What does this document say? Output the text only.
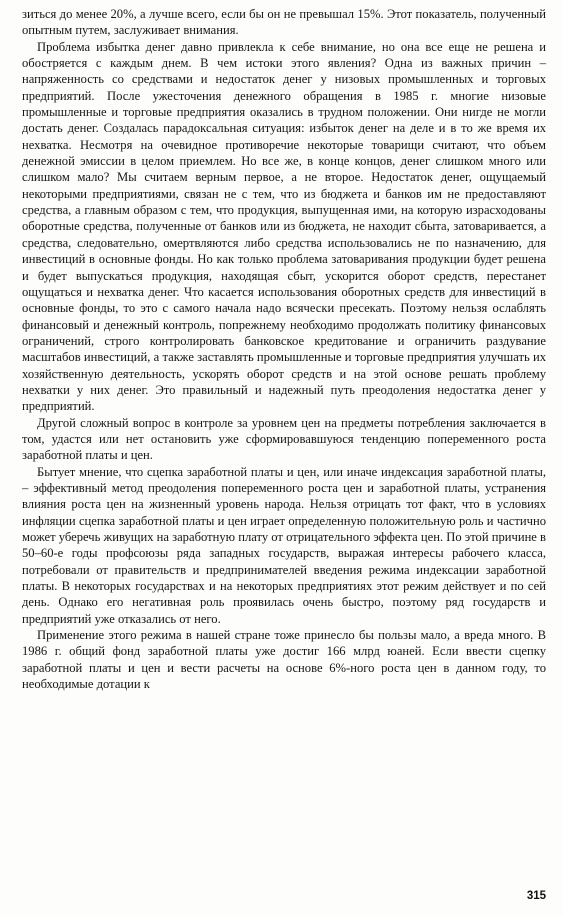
зиться до менее 20%, а лучше всего, если бы он не превышал 15%. Этот показатель, полученный опытным путем, заслуживает внимания.

Проблема избытка денег давно привлекла к себе внимание, но она все еще не решена и обостряется с каждым днем. В чем истоки этого явления? Одна из важных причин – напряженность со средствами и недостаток денег у низовых промышленных и торговых предприятий. После ужесточения денежного обращения в 1985 г. многие низовые промышленные и торговые предприятия оказались в трудном положении. Они нигде не могли достать денег. Создалась парадоксальная ситуация: избыток денег на деле и в то же время их нехватка. Несмотря на очевидное противоречие некоторые товарищи считают, что объем денежной эмиссии в целом приемлем. Но все же, в конце концов, денег слишком много или слишком мало? Мы считаем верным первое, а не второе. Недостаток денег, ощущаемый некоторыми предприятиями, связан не с тем, что из бюджета и банков им не предоставляют средства, а главным образом с тем, что продукция, выпущенная ими, на которую израсходованы оборотные средства, полученные от банков или из бюджета, не находит сбыта, затоваривается, а средства, следовательно, омертвляются либо средства использовались не по назначению, для инвестиций в основные фонды. Но как только проблема затоваривания продукции будет решена и будет выпускаться продукция, находящая сбыт, ускорится оборот средств, перестанет ощущаться и нехватка денег. Что касается использования оборотных средств для инвестиций в основные фонды, то это с самого начала надо всячески пресекать. Поэтому нельзя ослаблять финансовый и денежный контроль, попрежнему необходимо продолжать политику финансовых ограничений, строго контролировать банковское кредитование и ограничить раздувание масштабов инвестиций, а также заставлять промышленные и торговые предприятия улучшать их хозяйственную деятельность, ускорять оборот средств и на этой основе решать проблему нехватки у них денег. Это правильный и надежный путь преодоления недостатка денег у предприятий.

Другой сложный вопрос в контроле за уровнем цен на предметы потребления заключается в том, удастся или нет остановить уже сформировавшуюся тенденцию попеременного роста заработной платы и цен.

Бытует мнение, что сцепка заработной платы и цен, или иначе индексация заработной платы, – эффективный метод преодоления попеременного роста цен и заработной платы, устранения влияния роста цен на жизненный уровень народа. Нельзя отрицать тот факт, что в условиях инфляции сцепка заработной платы и цен играет определенную положительную роль и частично может уберечь живущих на заработную плату от отрицательного эффекта цен. По этой причине в 50–60-е годы профсоюзы ряда западных государств, выражая интересы рабочего класса, потребовали от правительств и предпринимателей введения режима индексации заработной платы. В некоторых государствах и на некоторых предприятиях этот режим действует и по сей день. Однако его негативная роль проявилась очень быстро, поэтому ряд государств и предприятий уже отказались от него.

Применение этого режима в нашей стране тоже принесло бы пользы мало, а вреда много. В 1986 г. общий фонд заработной платы уже достиг 166 млрд юаней. Если ввести сцепку заработной платы и цен и вести расчеты на основе 6%-ного роста цен в данном году, то необходимые дотации к

315
